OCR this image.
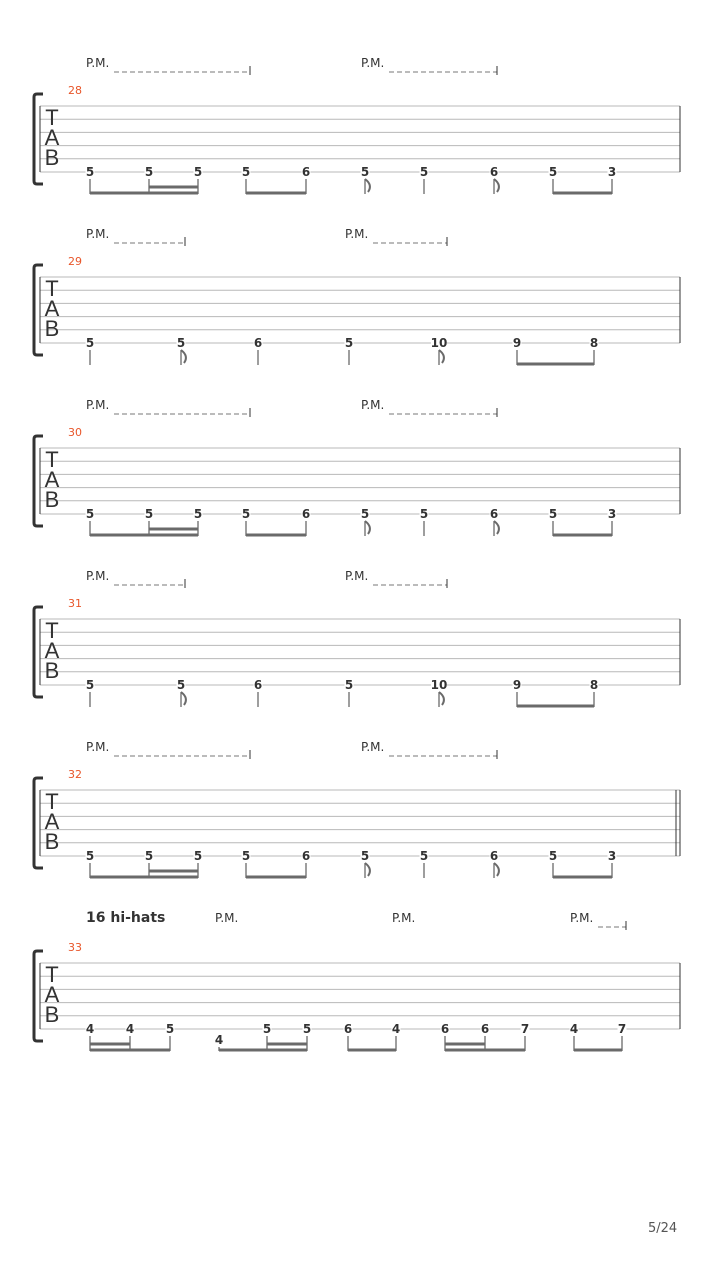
T
A
B
28
P.M.	P.M.
5	5	5	5	6	5	5	6	5	3
T
A
B
29
P.M.	P.M.
5	5	6	5	10	9	8
T
A
B
30
P.M.	P.M.
5	5	5	5	6	5	5	6	5	3
T
A
B
31
P.M.	P.M.
5	5	6	5	10	9	8
T
A
B
32
P.M.	P.M.
5	5	5	5	6	5	5	6	5	3
T
A
B
33
16 hi-hats	P.M.	P.M.	P.M.
4	4	5
4
5	5	6	4	6	6	7	4	7
5/24
